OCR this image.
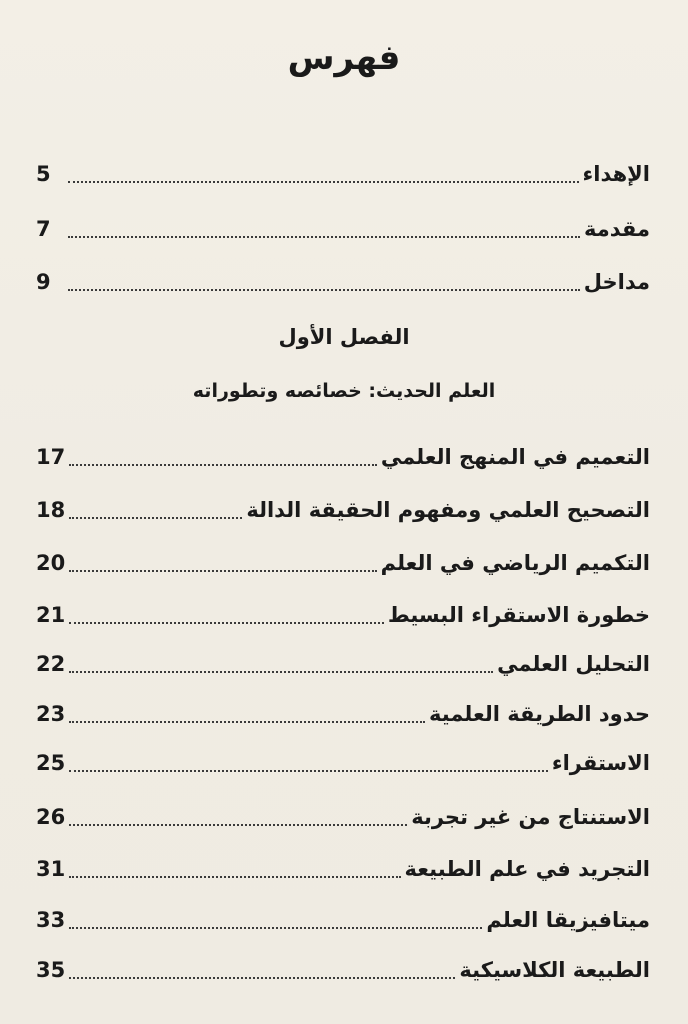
فهرس
الإهداء
5
مقدمة
7
مداخل
9
الفصل الأول
العلم الحديث: خصائصه وتطوراته
التعميم في المنهج العلمي
17
التصحيح العلمي ومفهوم الحقيقة الدالة
18
التكميم الرياضي في العلم
20
خطورة الاستقراء البسيط
21
التحليل العلمي
22
حدود الطريقة العلمية
23
الاستقراء
25
الاستنتاج من غير تجربة
26
التجريد في علم الطبيعة
31
ميتافيزيقا العلم
33
الطبيعة الكلاسيكية
35
